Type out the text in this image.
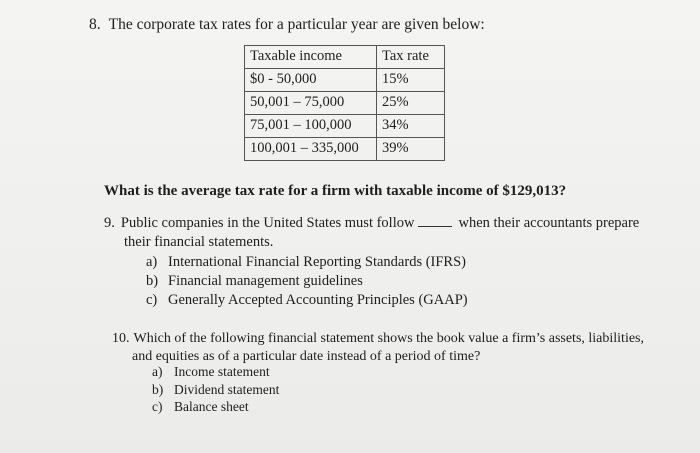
8. The corporate tax rates for a particular year are given below:
Taxable income	Tax rate
$0 - 50,000	15%
50,001 – 75,000	25%
75,001 – 100,000	34%
100,001 – 335,000	39%
What is the average tax rate for a firm with taxable income of $129,013?
9. Public companies in the United States must follow	when their accountants prepare
their financial statements.
a) International Financial Reporting Standards (IFRS)
b) Financial management guidelines
c) Generally Accepted Accounting Principles (GAAP)
10. Which of the following financial statement shows the book value a firm’s assets, liabilities,
and equities as of a particular date instead of a period of time?
a) Income statement
b) Dividend statement
c) Balance sheet
